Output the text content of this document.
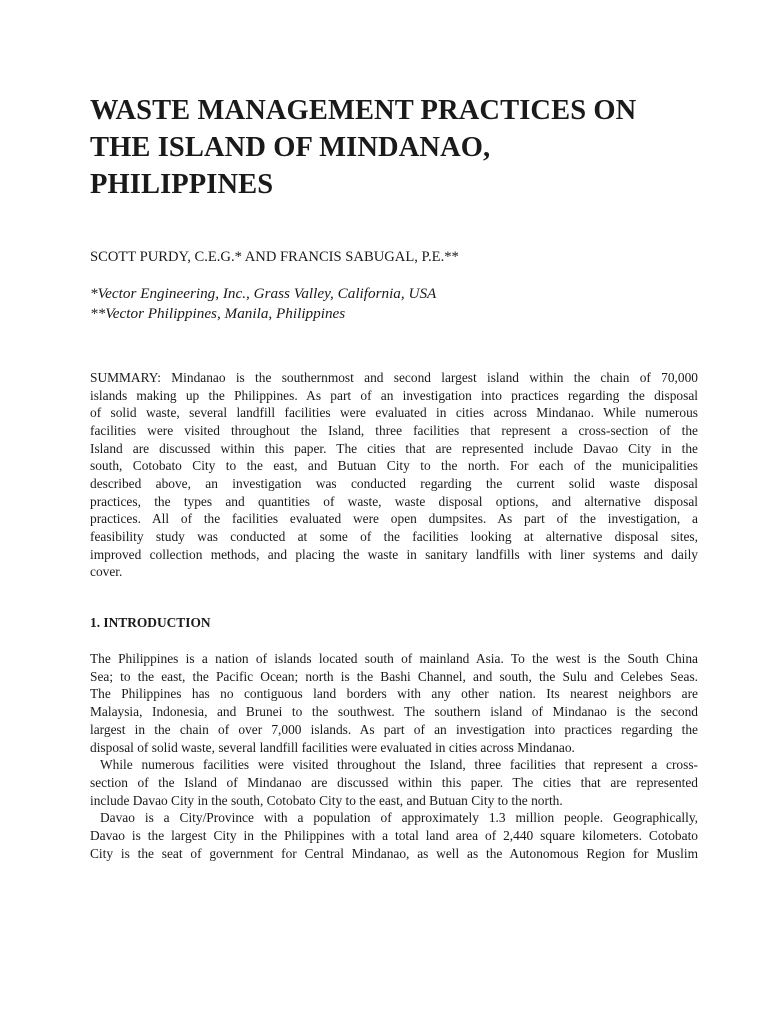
WASTE MANAGEMENT PRACTICES ON
THE ISLAND OF MINDANAO,
PHILIPPINES

SCOTT PURDY, C.E.G.* AND FRANCIS SABUGAL, P.E.**

*Vector Engineering, Inc., Grass Valley, California, USA
**Vector Philippines, Manila, Philippines
SUMMARY: Mindanao is the southernmost and second largest island within the chain of 70,000
islands making up the Philippines. As part of an investigation into practices regarding the disposal
of solid waste, several landfill facilities were evaluated in cities across Mindanao. While numerous
facilities were visited throughout the Island, three facilities that represent a cross-section of the
Island are discussed within this paper. The cities that are represented include Davao City in the
south, Cotobato City to the east, and Butuan City to the north. For each of the municipalities
described above, an investigation was conducted regarding the current solid waste disposal
practices, the types and quantities of waste, waste disposal options, and alternative disposal
practices. All of the facilities evaluated were open dumpsites. As part of the investigation, a
feasibility study was conducted at some of the facilities looking at alternative disposal sites,
improved collection methods, and placing the waste in sanitary landfills with liner systems and daily
cover.
1. INTRODUCTION
The Philippines is a nation of islands located south of mainland Asia. To the west is the South China
Sea; to the east, the Pacific Ocean; north is the Bashi Channel, and south, the Sulu and Celebes Seas.
The Philippines has no contiguous land borders with any other nation. Its nearest neighbors are
Malaysia, Indonesia, and Brunei to the southwest. The southern island of Mindanao is the second
largest in the chain of over 7,000 islands. As part of an investigation into practices regarding the
disposal of solid waste, several landfill facilities were evaluated in cities across Mindanao.
While numerous facilities were visited throughout the Island, three facilities that represent a cross-
section of the Island of Mindanao are discussed within this paper. The cities that are represented
include Davao City in the south, Cotobato City to the east, and Butuan City to the north.
Davao is a City/Province with a population of approximately 1.3 million people. Geographically,
Davao is the largest City in the Philippines with a total land area of 2,440 square kilometers. Cotobato
City is the seat of government for Central Mindanao, as well as the Autonomous Region for Muslim
